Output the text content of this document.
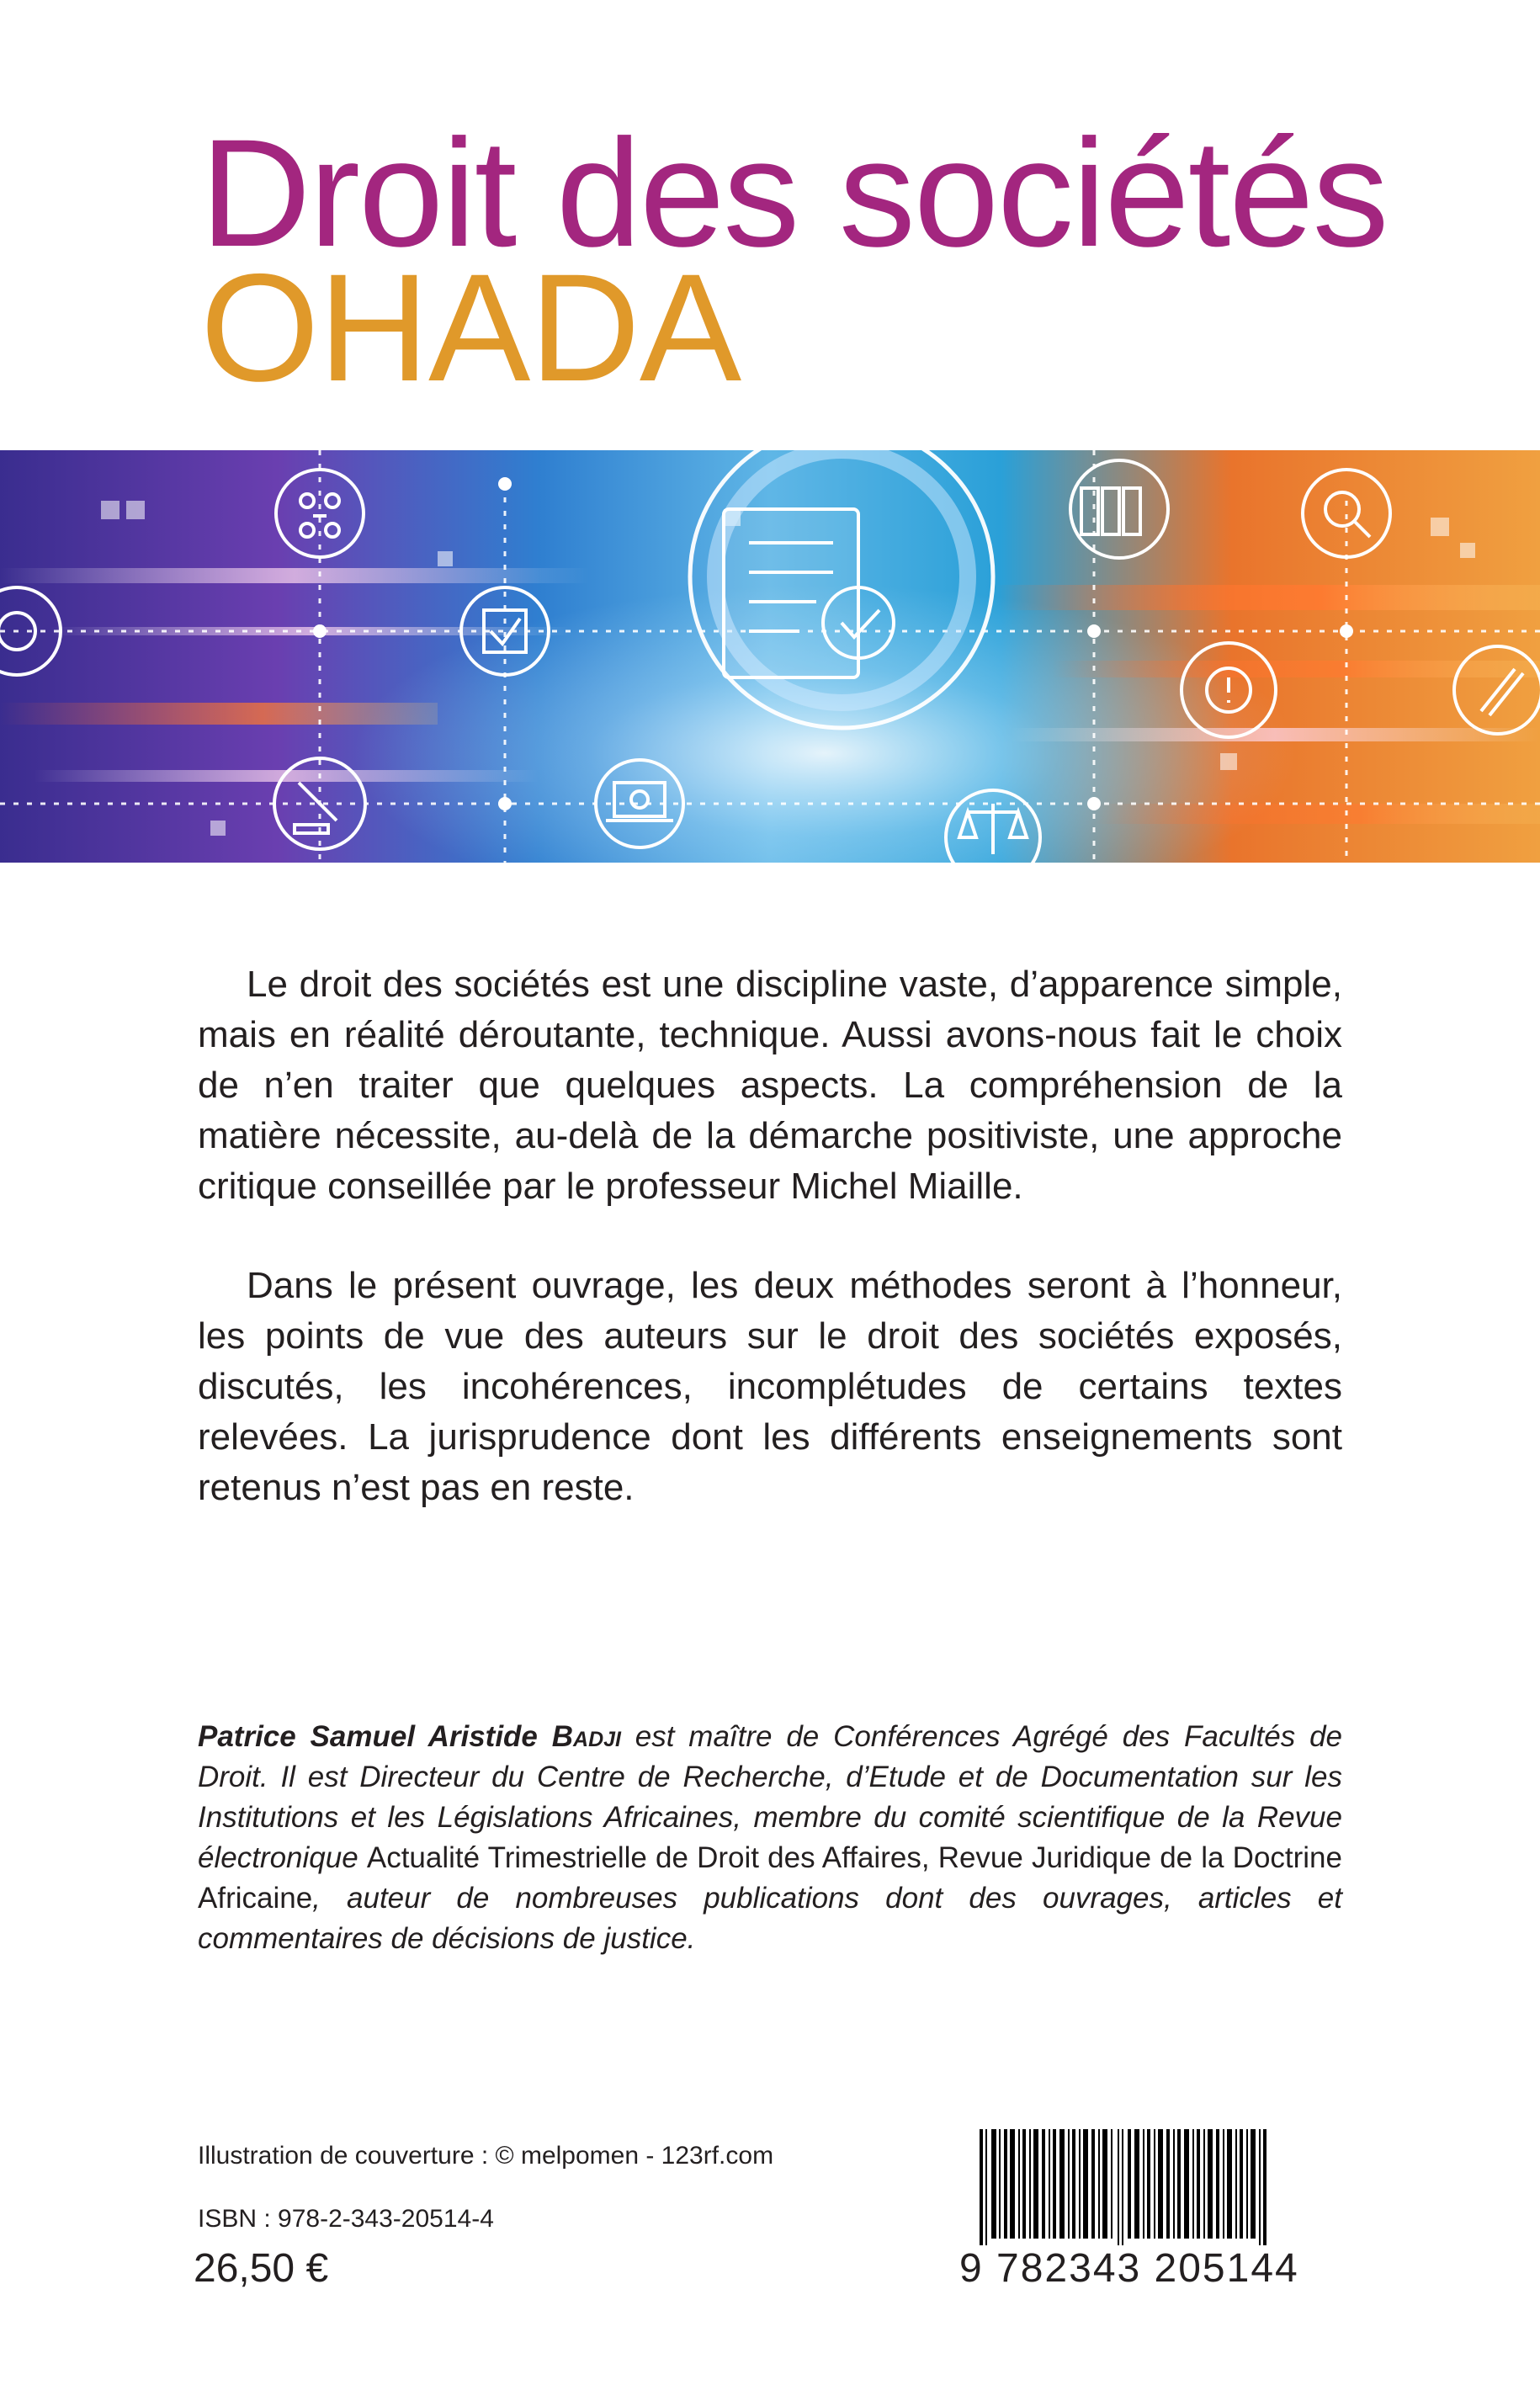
Droit des sociétés
OHADA

Le droit des sociétés est une discipline vaste, d’apparence simple, mais en réalité déroutante, technique. Aussi avons-nous fait le choix de n’en traiter que quelques aspects. La compréhension de la matière nécessite, au-delà de la démarche positiviste, une approche critique conseillée par le professeur Michel Miaille.

Dans le présent ouvrage, les deux méthodes seront à l’honneur, les points de vue des auteurs sur le droit des sociétés exposés, discutés, les incohérences, incomplétudes de certains textes relevées. La jurisprudence dont les différents enseignements sont retenus n’est pas en reste.

Patrice Samuel Aristide Badji est maître de Conférences Agrégé des Facultés de Droit. Il est Directeur du Centre de Recherche, d’Etude et de Documentation sur les Institutions et les Législations Africaines, membre du comité scientifique de la Revue électronique Actualité Trimestrielle de Droit des Affaires, Revue Juridique de la Doctrine Africaine, auteur de nombreuses publications dont des ouvrages, articles et commentaires de décisions de justice.

Illustration de couverture : © melpomen - 123rf.com
ISBN : 978-2-343-20514-4
26,50 €	9 782343 205144
